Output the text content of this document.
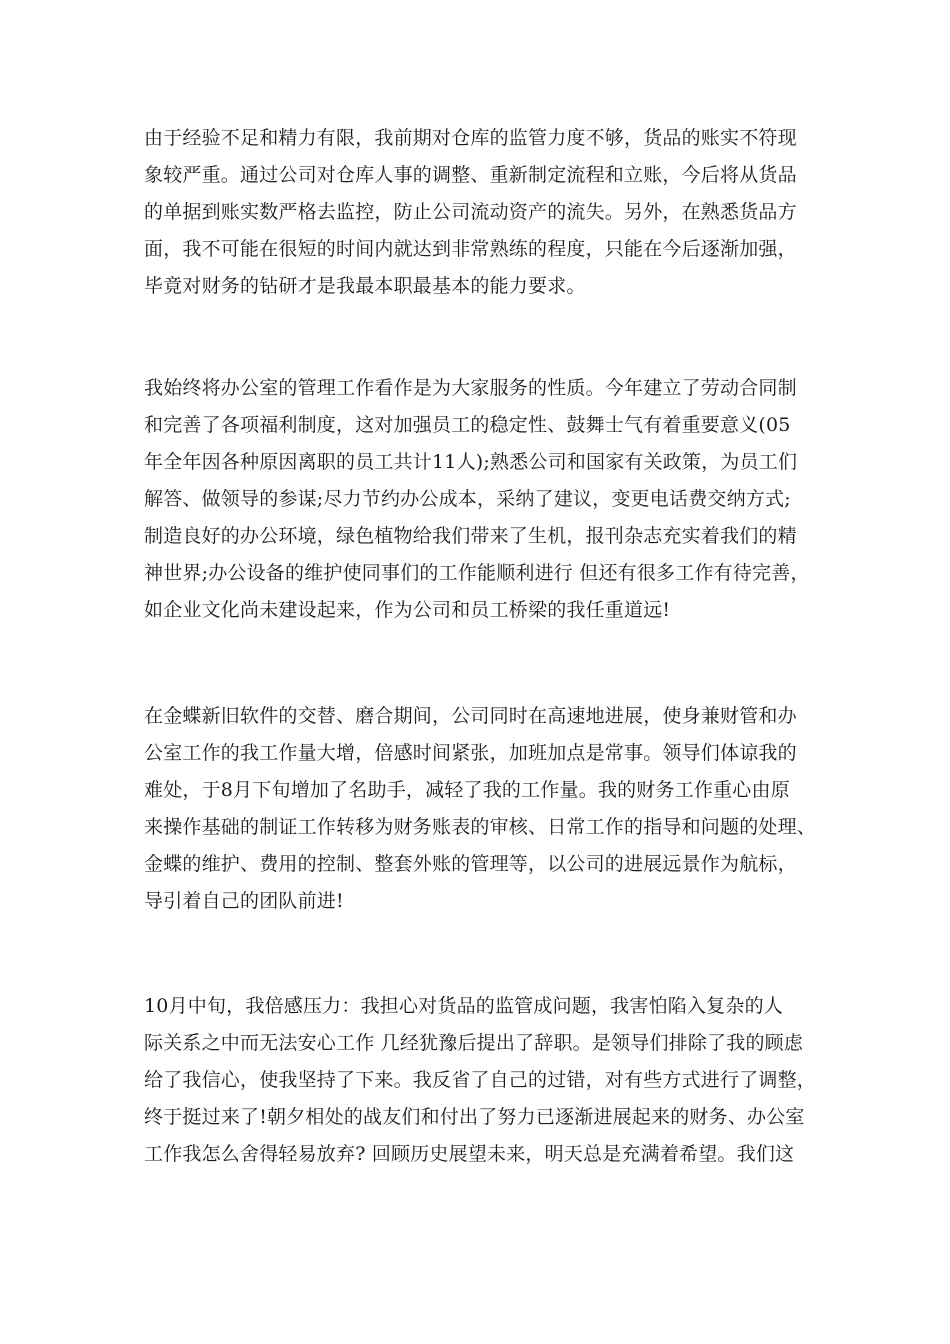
由于经验不足和精力有限，我前期对仓库的监管力度不够，货品的账实不符现
象较严重。通过公司对仓库人事的调整、重新制定流程和立账，今后将从货品
的单据到账实数严格去监控，防止公司流动资产的流失。另外，在熟悉货品方
面，我不可能在很短的时间内就达到非常熟练的程度，只能在今后逐渐加强，
毕竟对财务的钻研才是我最本职最基本的能力要求。
我始终将办公室的管理工作看作是为大家服务的性质。今年建立了劳动合同制
和完善了各项福利制度，这对加强员工的稳定性、鼓舞士气有着重要意义(05
年全年因各种原因离职的员工共计11人);熟悉公司和国家有关政策，为员工们
解答、做领导的参谋;尽力节约办公成本，采纳了建议，变更电话费交纳方式;
制造良好的办公环境，绿色植物给我们带来了生机，报刊杂志充实着我们的精
神世界;办公设备的维护使同事们的工作能顺利进行 但还有很多工作有待完善，
如企业文化尚未建设起来，作为公司和员工桥梁的我任重道远!
在金蝶新旧软件的交替、磨合期间，公司同时在高速地进展，使身兼财管和办
公室工作的我工作量大增，倍感时间紧张，加班加点是常事。领导们体谅我的
难处，于8月下旬增加了名助手，减轻了我的工作量。我的财务工作重心由原
来操作基础的制证工作转移为财务账表的审核、日常工作的指导和问题的处理、
金蝶的维护、费用的控制、整套外账的管理等，以公司的进展远景作为航标，
导引着自己的团队前进!
10月中旬，我倍感压力：我担心对货品的监管成问题，我害怕陷入复杂的人
际关系之中而无法安心工作 几经犹豫后提出了辞职。是领导们排除了我的顾虑
给了我信心，使我坚持了下来。我反省了自己的过错，对有些方式进行了调整，
终于挺过来了!朝夕相处的战友们和付出了努力已逐渐进展起来的财务、办公室
工作我怎么舍得轻易放弃? 回顾历史展望未来，明天总是充满着希望。我们这
